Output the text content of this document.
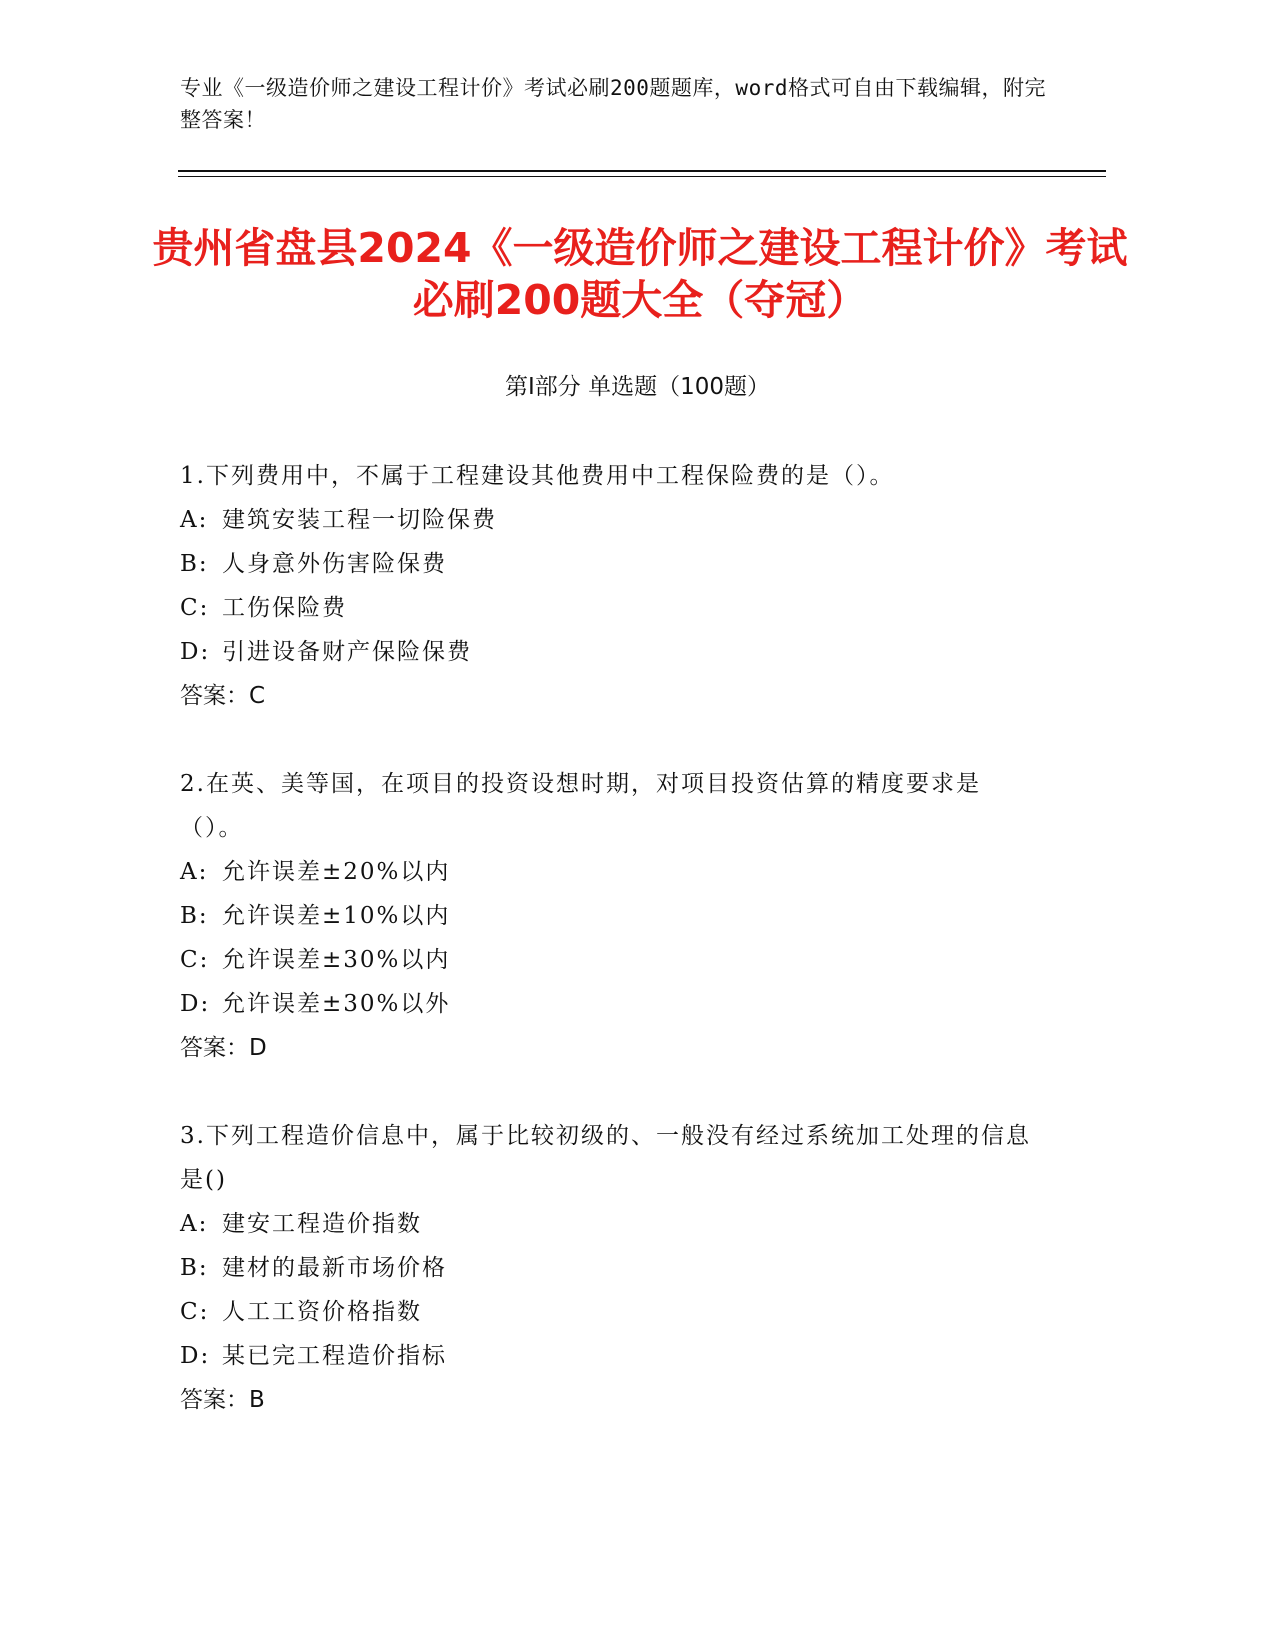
专业《一级造价师之建设工程计价》考试必刷200题题库，word格式可自由下载编辑，附完整答案！
贵州省盘县2024《一级造价师之建设工程计价》考试必刷200题大全（夺冠）
第Ⅰ部分 单选题（100题）

1.下列费用中，不属于工程建设其他费用中工程保险费的是（）。

A: 建筑安装工程一切险保费
B: 人身意外伤害险保费
C: 工伤保险费
D: 引进设备财产保险保费

答案：C

2.在英、美等国，在项目的投资设想时期，对项目投资估算的精度要求是（）。

A: 允许误差±20%以内
B: 允许误差±10%以内
C: 允许误差±30%以内
D: 允许误差±30%以外

答案：D

3.下列工程造价信息中，属于比较初级的、一般没有经过系统加工处理的信息是()

A: 建安工程造价指数
B: 建材的最新市场价格
C: 人工工资价格指数
D: 某已完工程造价指标

答案：B
